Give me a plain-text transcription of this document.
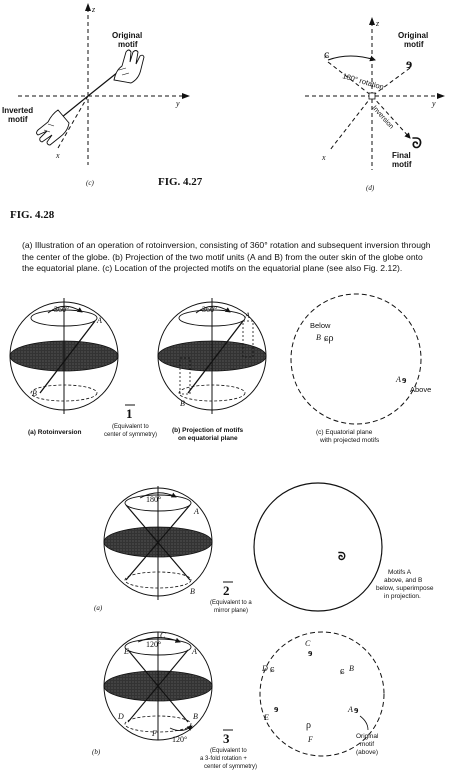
z
y
x
Original
motif
Inverted
motif
(c)	FIG. 4.27
ɕ
ɘ
ᘐ
z
y
x
Original
motif
180° rotation
Inversion
Final
motif
(d)
FIG. 4.28
360°
A
B
(a) Rotoinversion
1
(Equivalent to
center of symmetry)
360°
A
B
(b) Projection of motifs
on equatorial plane
Below
B ɕρ
A ɘ
Above
(c) Equatorial plane
with projected motifs
180°
A
B
(a)
2
(Equivalent to a
mirror plane)
ᘐ
Motifs A
above, and B
below, superimpose
in projection.
120°
120°
A
B
C
D
E
F
(b)
3
(Equivalent to
a 3-fold rotation +
center of symmetry)
C
ɘ
B
ɕ
D ɕ
E
ɘ
ρ
F
A ɘ
Original
motif
(above)
(a) Illustration of an operation of rotoinversion, consisting of 360° rotation and subsequent inversion through the center of the globe. (b) Projection of the two motif units (A and B) from the outer skin of the globe onto the equatorial plane. (c) Location of the projected motifs on the equatorial plane (see also Fig. 2.12).
